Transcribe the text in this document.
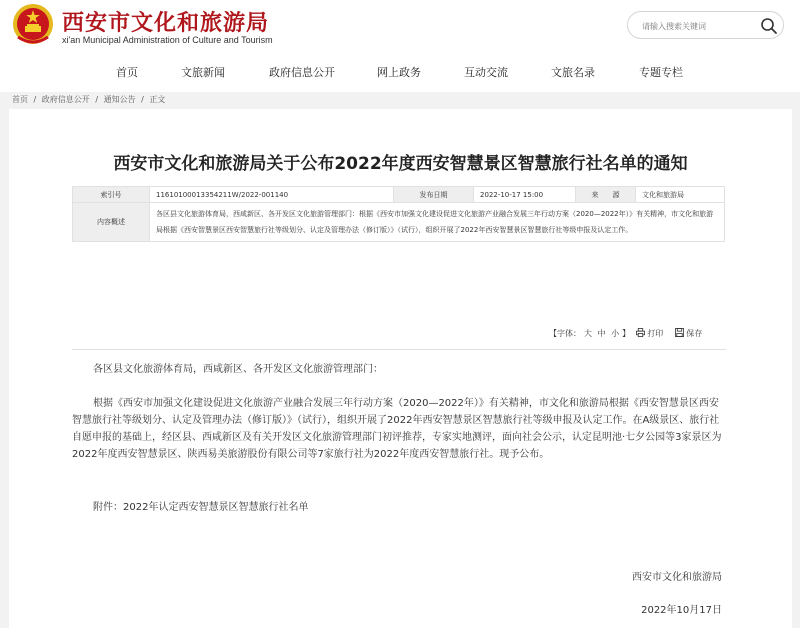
西安市文化和旅游局
xi'an Municipal Administration of Culture and Tourism
请输入搜索关键词
首页	文旅新闻	政府信息公开	网上政务	互动交流	文旅名录	专题专栏
首页 / 政府信息公开 / 通知公告 / 正文
西安市文化和旅游局关于公布2022年度西安智慧景区智慧旅行社名单的通知
索引号	11610100013354211W/2022-001140	发布日期	2022-10-17 15:00	来　　源	文化和旅游局
内容概述	各区县文化旅游体育局，西咸新区、各开发区文化旅游管理部门：根据《西安市加强文化建设促进文化旅游产业融合发展三年行动方案（2020—2022年）》有关精神，市文化和旅游局根据《西安智慧景区西安智慧旅行社等级划分、认定及管理办法（修订版）》（试行），组织开展了2022年西安智慧景区智慧旅行社等级申报及认定工作。				
【字体： 大 中 小 】 打印	保存

各区县文化旅游体育局，西咸新区、各开发区文化旅游管理部门：

根据《西安市加强文化建设促进文化旅游产业融合发展三年行动方案（2020—2022年）》有关精神，市文化和旅游局根据《西安智慧景区西安智慧旅行社等级划分、认定及管理办法（修订版）》（试行），组织开展了2022年西安智慧景区智慧旅行社等级申报及认定工作。在A级景区、旅行社自愿申报的基础上，经区县、西咸新区及有关开发区文化旅游管理部门初评推荐，专家实地测评，面向社会公示，认定昆明池·七夕公园等3家景区为2022年度西安智慧景区、陕西易美旅游股份有限公司等7家旅行社为2022年度西安智慧旅行社。现予公布。

附件：2022年认定西安智慧景区智慧旅行社名单

西安市文化和旅游局
2022年10月17日
